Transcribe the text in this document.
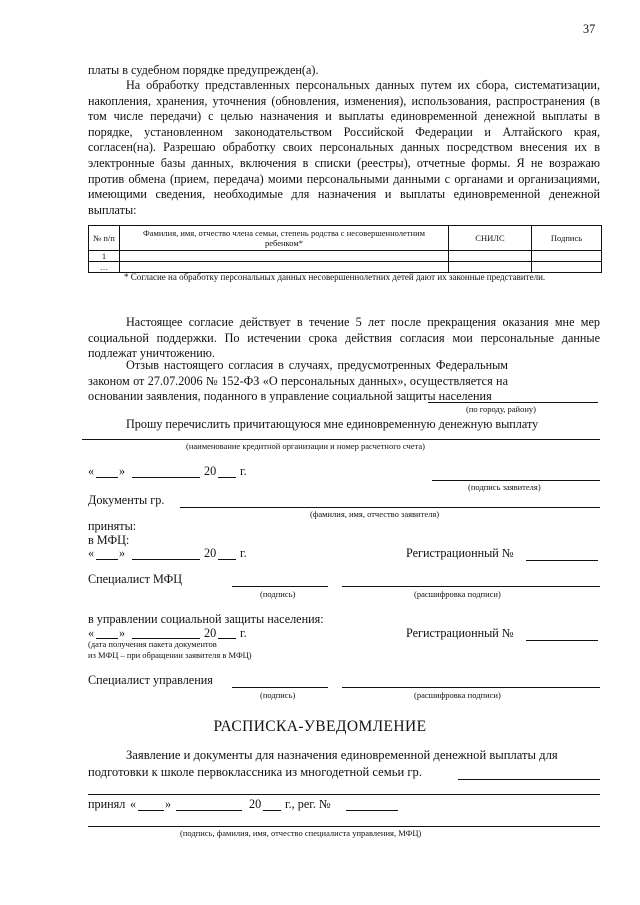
37
платы в судебном порядке предупрежден(а).
На обработку представленных персональных данных путем их сбора, систематизации, накопления, хранения, уточнения (обновления, изменения), использования, распространения (в том числе передачи) с целью назначения и выплаты единовременной денежной выплаты в порядке, установленном законодательством Российской Федерации и Алтайского края, согласен(на). Разрешаю обработку своих персональных данных посредством внесения их в электронные базы данных, включения в списки (реестры), отчетные формы. Я не возражаю против обмена (прием, передача) моими персональными данными с органами и организациями, имеющими сведения, необходимые для назначения и выплаты единовременной денежной выплаты:
№ п/п	Фамилия, имя, отчество члена семьи, степень родства с несовершеннолетним ребенком*	СНИЛС	Подпись
1			
…			
* Согласие на обработку персональных данных несовершеннолетних детей дают их законные представители.
Настоящее согласие действует в течение 5 лет после прекращения оказания мне мер социальной поддержки. По истечении срока действия согласия мои персональные данные подлежат уничтожению.
Отзыв настоящего согласия в случаях, предусмотренных Федеральным законом от 27.07.2006 № 152-ФЗ «О персональных данных», осуществляется на основании заявления, поданного в управление социальной защиты населения
(по городу, району)
Прошу перечислить причитающуюся мне единовременную денежную выплату
(наименование кредитной организации и номер расчетного счета)
« »	20 г.
(подпись заявителя)
Документы гр.
(фамилия, имя, отчество заявителя)
приняты:
в МФЦ:
« »	20 г.	Регистрационный №
Специалист МФЦ
(подпись)	(расшифровка подписи)
в управлении социальной защиты населения:
« »	20 г.
(дата получения пакета документов
из МФЦ – при обращении заявителя в МФЦ)
Регистрационный №
Специалист управления
(подпись)	(расшифровка подписи)
РАСПИСКА-УВЕДОМЛЕНИЕ
Заявление и документы для назначения единовременной денежной выплаты для
подготовки к школе первоклассника из многодетной семьи гр.
принял « »	20 г., рег. №
(подпись, фамилия, имя, отчество специалиста управления, МФЦ)
